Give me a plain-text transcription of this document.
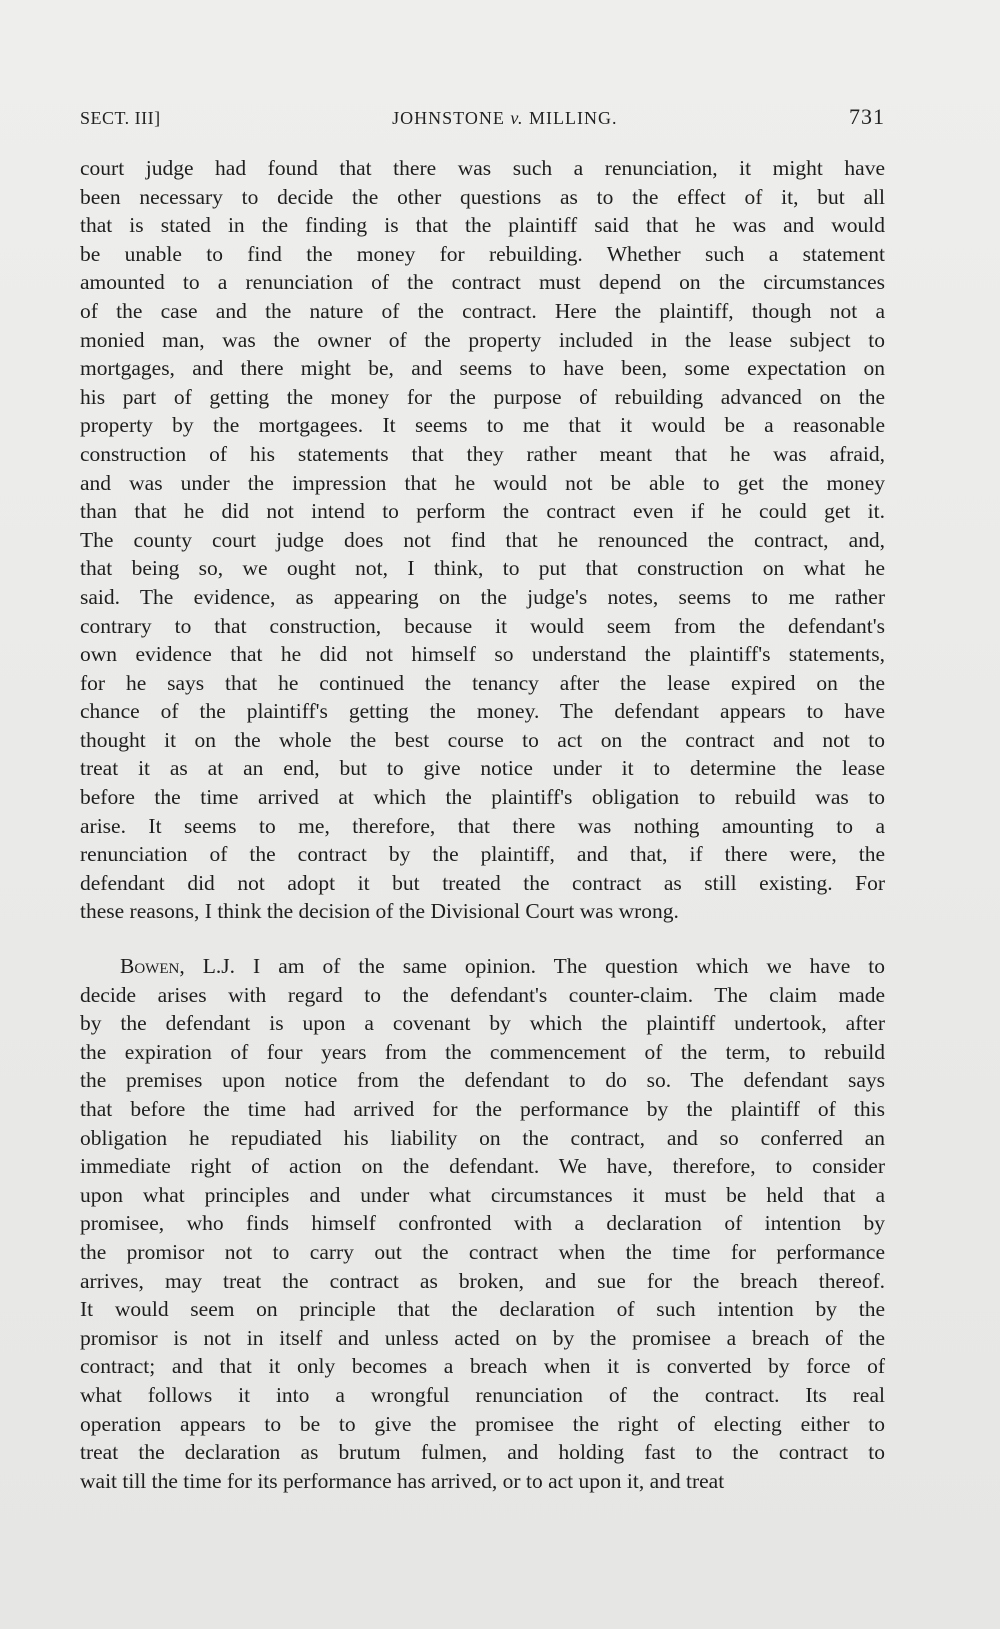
SECT. III]	JOHNSTONE v. MILLING.	731
court judge had found that there was such a renunciation, it might have
been necessary to decide the other questions as to the effect of it, but all
that is stated in the finding is that the plaintiff said that he was and would
be unable to find the money for rebuilding. Whether such a statement
amounted to a renunciation of the contract must depend on the circumstances
of the case and the nature of the contract. Here the plaintiff, though not a
monied man, was the owner of the property included in the lease subject to
mortgages, and there might be, and seems to have been, some expectation on
his part of getting the money for the purpose of rebuilding advanced on the
property by the mortgagees. It seems to me that it would be a reasonable
construction of his statements that they rather meant that he was afraid,
and was under the impression that he would not be able to get the money
than that he did not intend to perform the contract even if he could get it.
The county court judge does not find that he renounced the contract, and,
that being so, we ought not, I think, to put that construction on what he
said. The evidence, as appearing on the judge's notes, seems to me rather
contrary to that construction, because it would seem from the defendant's
own evidence that he did not himself so understand the plaintiff's statements,
for he says that he continued the tenancy after the lease expired on the
chance of the plaintiff's getting the money. The defendant appears to have
thought it on the whole the best course to act on the contract and not to
treat it as at an end, but to give notice under it to determine the lease
before the time arrived at which the plaintiff's obligation to rebuild was to
arise. It seems to me, therefore, that there was nothing amounting to a
renunciation of the contract by the plaintiff, and that, if there were, the
defendant did not adopt it but treated the contract as still existing. For
these reasons, I think the decision of the Divisional Court was wrong.
Bowen, L.J. I am of the same opinion. The question which we have to
decide arises with regard to the defendant's counter-claim. The claim made
by the defendant is upon a covenant by which the plaintiff undertook, after
the expiration of four years from the commencement of the term, to rebuild
the premises upon notice from the defendant to do so. The defendant says
that before the time had arrived for the performance by the plaintiff of this
obligation he repudiated his liability on the contract, and so conferred an
immediate right of action on the defendant. We have, therefore, to consider
upon what principles and under what circumstances it must be held that a
promisee, who finds himself confronted with a declaration of intention by
the promisor not to carry out the contract when the time for performance
arrives, may treat the contract as broken, and sue for the breach thereof.
It would seem on principle that the declaration of such intention by the
promisor is not in itself and unless acted on by the promisee a breach of the
contract; and that it only becomes a breach when it is converted by force of
what follows it into a wrongful renunciation of the contract. Its real
operation appears to be to give the promisee the right of electing either to
treat the declaration as brutum fulmen, and holding fast to the contract to
wait till the time for its performance has arrived, or to act upon it, and treat
